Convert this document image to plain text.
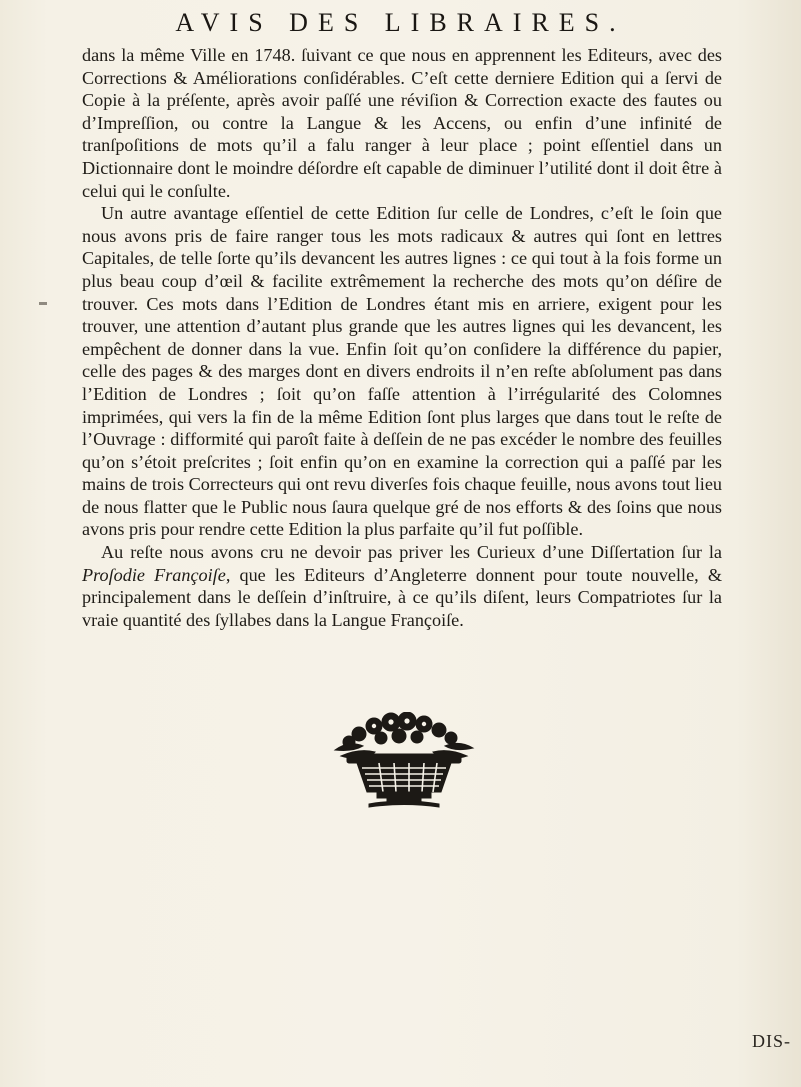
AVIS DES LIBRAIRES.

dans la même Ville en 1748. ſuivant ce que nous en apprennent les Editeurs, avec des Corrections & Améliorations conſidérables. C’eſt cette derniere Edition qui a ſervi de Copie à la préſente, après avoir paſſé une réviſion & Correction exacte des fautes ou d’Impreſſion, ou contre la Langue & les Accens, ou enfin d’une infinité de tranſpoſitions de mots qu’il a falu ranger à leur place ; point eſſentiel dans un Dictionnaire dont le moindre déſordre eſt capable de diminuer l’utilité dont il doit être à celui qui le conſulte.

Un autre avantage eſſentiel de cette Edition ſur celle de Londres, c’eſt le ſoin que nous avons pris de faire ranger tous les mots radicaux & autres qui ſont en lettres Capitales, de telle ſorte qu’ils devancent les autres lignes : ce qui tout à la fois forme un plus beau coup d’œil & facilite extrêmement la recherche des mots qu’on déſire de trouver. Ces mots dans l’Edition de Londres étant mis en arriere, exigent pour les trouver, une attention d’autant plus grande que les autres lignes qui les devancent, les empêchent de donner dans la vue. Enfin ſoit qu’on conſidere la différence du papier, celle des pages & des marges dont en divers endroits il n’en reſte abſolument pas dans l’Edition de Londres ; ſoit qu’on faſſe attention à l’irrégularité des Colomnes imprimées, qui vers la fin de la même Edition ſont plus larges que dans tout le reſte de l’Ouvrage : difformité qui paroît faite à deſſein de ne pas excéder le nombre des feuilles qu’on s’étoit preſcrites ; ſoit enfin qu’on en examine la correction qui a paſſé par les mains de trois Correcteurs qui ont revu diverſes fois chaque feuille, nous avons tout lieu de nous flatter que le Public nous ſaura quelque gré de nos efforts & des ſoins que nous avons pris pour rendre cette Edition la plus parfaite qu’il fut poſſible.

Au reſte nous avons cru ne devoir pas priver les Curieux d’une Diſſertation ſur la Proſodie Françoiſe, que les Editeurs d’Angleterre donnent pour toute nouvelle, & principalement dans le deſſein d’inſtruire, à ce qu’ils diſent, leurs Compatriotes ſur la vraie quantité des ſyllabes dans la Langue Françoiſe.

DIS-
